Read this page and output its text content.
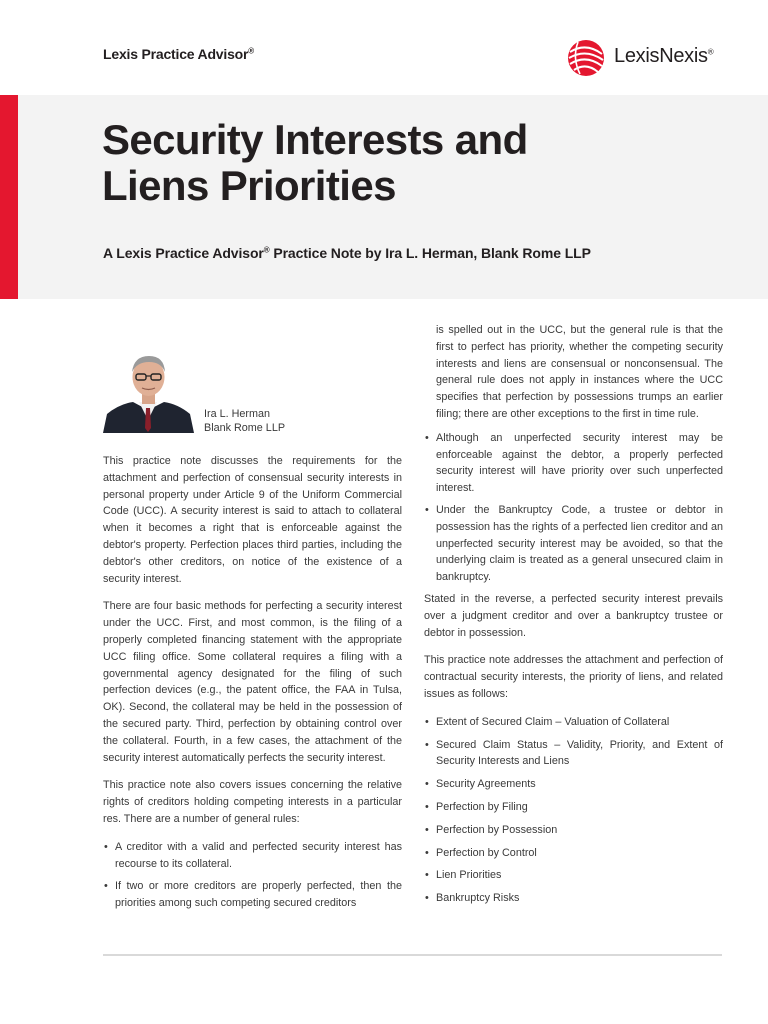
Lexis Practice Advisor®	LexisNexis®
Security Interests and
Liens Priorities
A Lexis Practice Advisor® Practice Note by Ira L. Herman, Blank Rome LLP
Ira L. Herman
Blank Rome LLP

This practice note discusses the requirements for the attachment and perfection of consensual security interests in personal property under Article 9 of the Uniform Commercial Code (UCC). A security interest is said to attach to collateral when it becomes a right that is enforceable against the debtor's property. Perfection places third parties, including the debtor's other creditors, on notice of the existence of a security interest.

There are four basic methods for perfecting a security interest under the UCC. First, and most common, is the filing of a properly completed financing statement with the appropriate UCC filing office. Some collateral requires a filing with a governmental agency designated for the filing of such perfection devices (e.g., the patent office, the FAA in Tulsa, OK). Second, the collateral may be held in the possession of the secured party. Third, perfection by obtaining control over the collateral. Fourth, in a few cases, the attachment of the security interest automatically perfects the security interest.

This practice note also covers issues concerning the relative rights of creditors holding competing interests in a particular res. There are a number of general rules:

• A creditor with a valid and perfected security interest has recourse to its collateral.
• If two or more creditors are properly perfected, then the priorities among such competing secured creditors

is spelled out in the UCC, but the general rule is that the first to perfect has priority, whether the competing security interests and liens are consensual or nonconsensual. The general rule does not apply in instances where the UCC specifies that perfection by possessions trumps an earlier filing; there are other exceptions to the first in time rule.

• Although an unperfected security interest may be enforceable against the debtor, a properly perfected security interest will have priority over such unperfected interest.
• Under the Bankruptcy Code, a trustee or debtor in possession has the rights of a perfected lien creditor and an unperfected security interest may be avoided, so that the underlying claim is treated as a general unsecured claim in bankruptcy.

Stated in the reverse, a perfected security interest prevails over a judgment creditor and over a bankruptcy trustee or debtor in possession.

This practice note addresses the attachment and perfection of contractual security interests, the priority of liens, and related issues as follows:

• Extent of Secured Claim – Valuation of Collateral
• Secured Claim Status – Validity, Priority, and Extent of Security Interests and Liens
• Security Agreements
• Perfection by Filing
• Perfection by Possession
• Perfection by Control
• Lien Priorities
• Bankruptcy Risks
